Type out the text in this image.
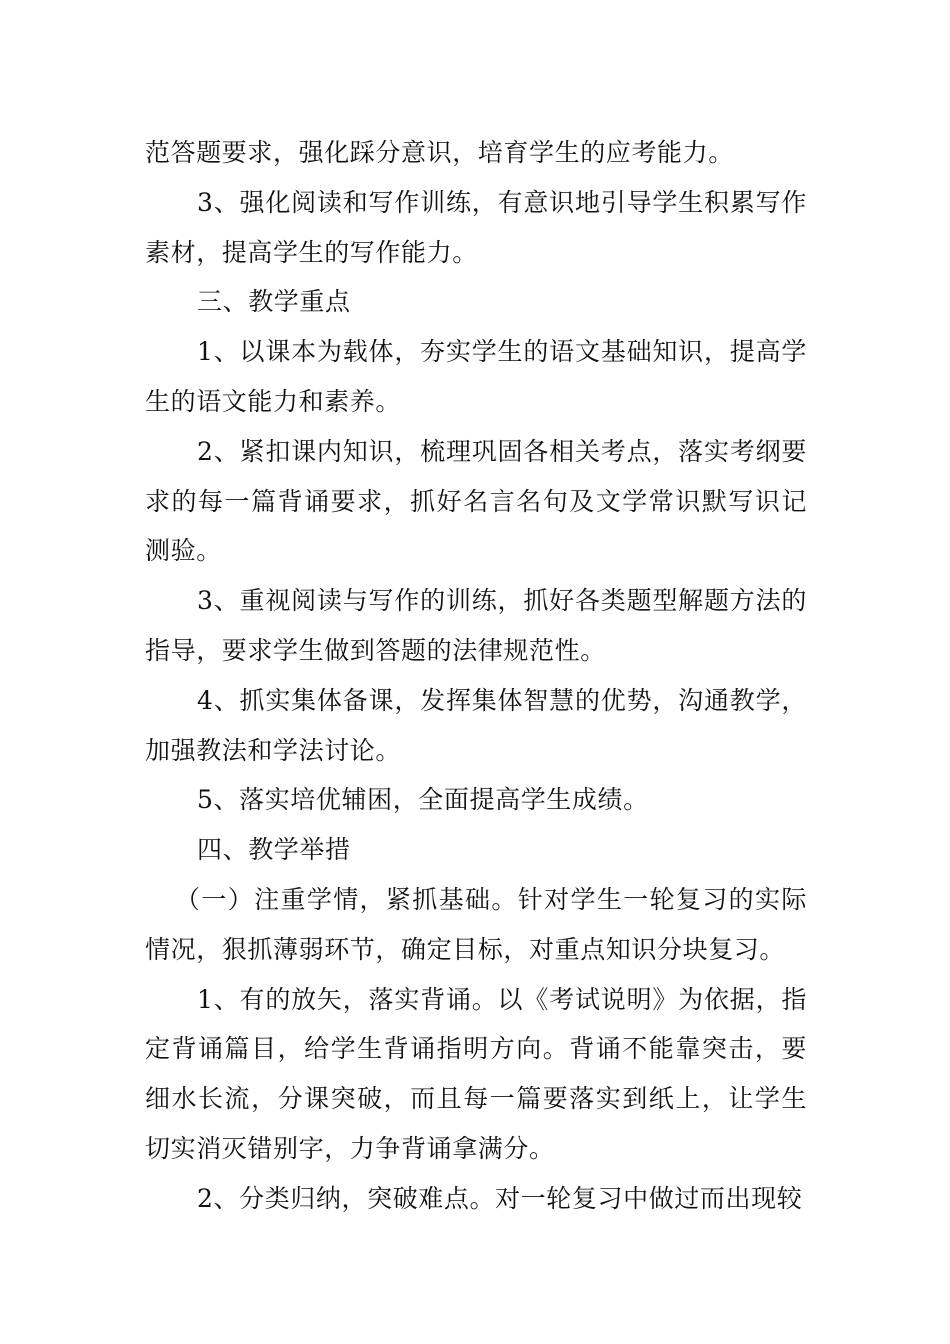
范答题要求，强化踩分意识，培育学生的应考能力。

3、强化阅读和写作训练，有意识地引导学生积累写作素材，提高学生的写作能力。

三、教学重点

1、以课本为载体，夯实学生的语文基础知识，提高学生的语文能力和素养。

2、紧扣课内知识，梳理巩固各相关考点，落实考纲要求的每一篇背诵要求，抓好名言名句及文学常识默写识记测验。

3、重视阅读与写作的训练，抓好各类题型解题方法的指导，要求学生做到答题的法律规范性。

4、抓实集体备课，发挥集体智慧的优势，沟通教学，加强教法和学法讨论。

5、落实培优辅困，全面提高学生成绩。

四、教学举措

（一）注重学情，紧抓基础。针对学生一轮复习的实际情况，狠抓薄弱环节，确定目标，对重点知识分块复习。

1、有的放矢，落实背诵。以《考试说明》为依据，指定背诵篇目，给学生背诵指明方向。背诵不能靠突击，要细水长流，分课突破，而且每一篇要落实到纸上，让学生切实消灭错别字，力争背诵拿满分。

2、分类归纳，突破难点。对一轮复习中做过而出现较
